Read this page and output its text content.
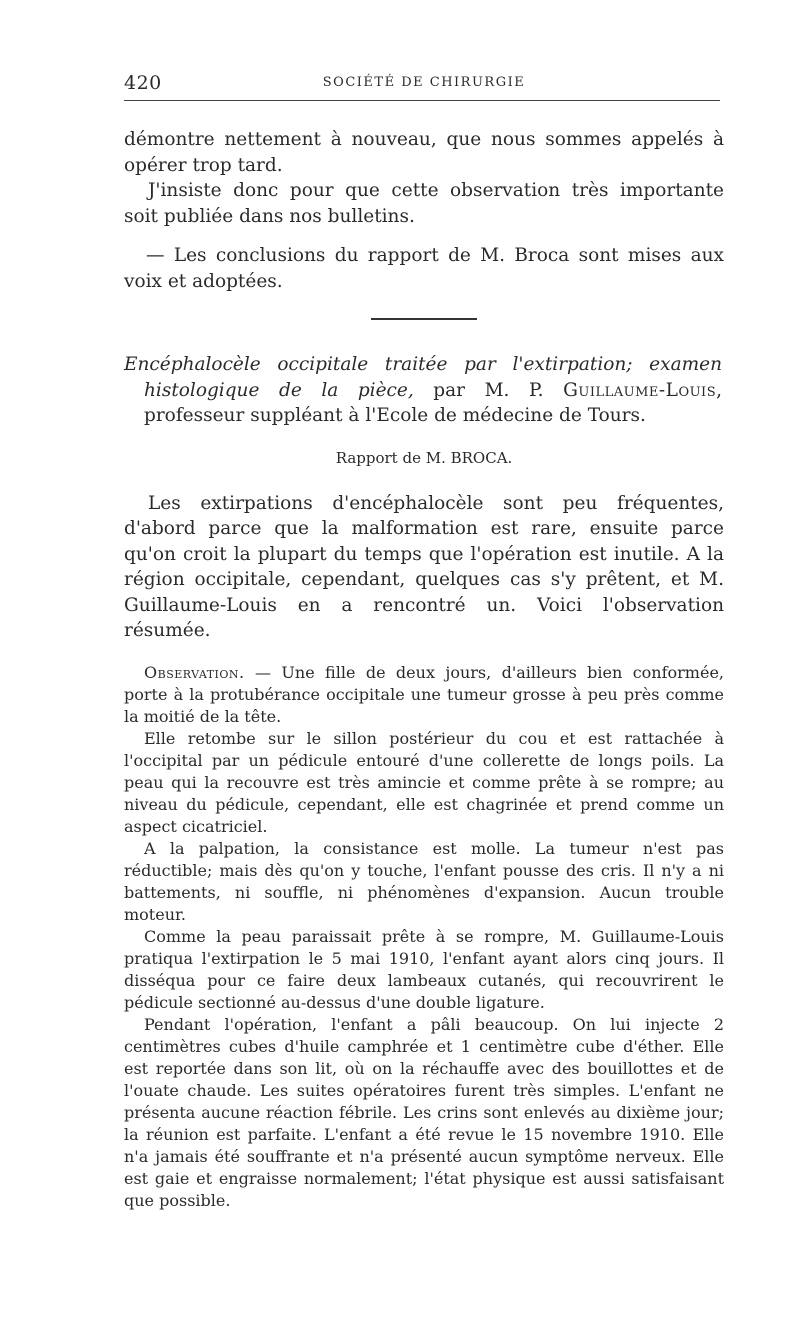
420	SOCIÉTÉ DE CHIRURGIE

démontre nettement à nouveau, que nous sommes appelés à opérer trop tard.

J'insiste donc pour que cette observation très importante soit publiée dans nos bulletins.

— Les conclusions du rapport de M. Broca sont mises aux voix et adoptées.

Encéphalocèle occipitale traitée par l'extirpation; examen histologique de la pièce, par M. P. Guillaume-Louis, professeur suppléant à l'Ecole de médecine de Tours.

Rapport de M. BROCA.

Les extirpations d'encéphalocèle sont peu fréquentes, d'abord parce que la malformation est rare, ensuite parce qu'on croit la plupart du temps que l'opération est inutile. A la région occipitale, cependant, quelques cas s'y prêtent, et M. Guillaume-Louis en a rencontré un. Voici l'observation résumée.

Observation. — Une fille de deux jours, d'ailleurs bien conformée, porte à la protubérance occipitale une tumeur grosse à peu près comme la moitié de la tête.

Elle retombe sur le sillon postérieur du cou et est rattachée à l'occipital par un pédicule entouré d'une collerette de longs poils. La peau qui la recouvre est très amincie et comme prête à se rompre; au niveau du pédicule, cependant, elle est chagrinée et prend comme un aspect cicatriciel.

A la palpation, la consistance est molle. La tumeur n'est pas réductible; mais dès qu'on y touche, l'enfant pousse des cris. Il n'y a ni battements, ni souffle, ni phénomènes d'expansion. Aucun trouble moteur.

Comme la peau paraissait prête à se rompre, M. Guillaume-Louis pratiqua l'extirpation le 5 mai 1910, l'enfant ayant alors cinq jours. Il disséqua pour ce faire deux lambeaux cutanés, qui recouvrirent le pédicule sectionné au-dessus d'une double ligature.

Pendant l'opération, l'enfant a pâli beaucoup. On lui injecte 2 centimètres cubes d'huile camphrée et 1 centimètre cube d'éther. Elle est reportée dans son lit, où on la réchauffe avec des bouillottes et de l'ouate chaude. Les suites opératoires furent très simples. L'enfant ne présenta aucune réaction fébrile. Les crins sont enlevés au dixième jour; la réunion est parfaite. L'enfant a été revue le 15 novembre 1910. Elle n'a jamais été souffrante et n'a présenté aucun symptôme nerveux. Elle est gaie et engraisse normalement; l'état physique est aussi satisfaisant que possible.
